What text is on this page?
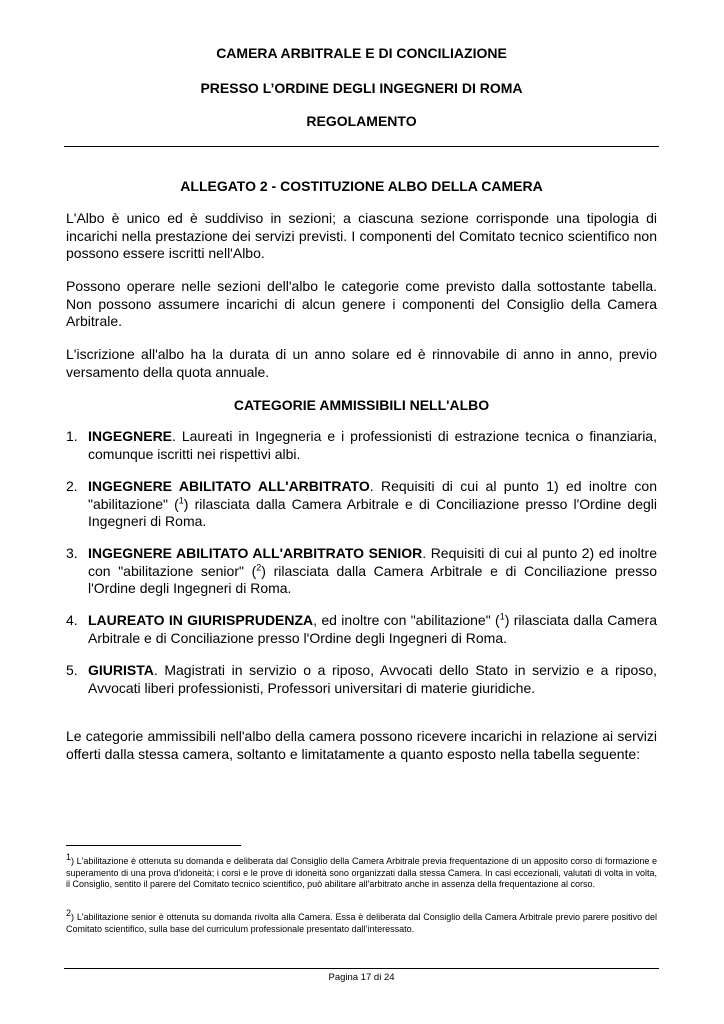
CAMERA ARBITRALE E DI CONCILIAZIONE
PRESSO L’ORDINE DEGLI INGEGNERI DI ROMA
REGOLAMENTO
ALLEGATO 2 - COSTITUZIONE ALBO DELLA CAMERA
L'Albo è unico ed è suddiviso in sezioni; a ciascuna sezione corrisponde una tipologia di incarichi nella prestazione dei servizi previsti. I componenti del Comitato tecnico scientifico non possono essere iscritti nell'Albo.
Possono operare nelle sezioni dell'albo le categorie come previsto dalla sottostante tabella. Non possono assumere incarichi di alcun genere i componenti del Consiglio della Camera Arbitrale.
L'iscrizione all'albo ha la durata di un anno solare ed è rinnovabile di anno in anno, previo versamento della quota annuale.
CATEGORIE AMMISSIBILI NELL'ALBO
1. INGEGNERE. Laureati in Ingegneria e i professionisti di estrazione tecnica o finanziaria, comunque iscritti nei rispettivi albi.
2. INGEGNERE ABILITATO ALL'ARBITRATO. Requisiti di cui al punto 1) ed inoltre con "abilitazione" ($^1$) rilasciata dalla Camera Arbitrale e di Conciliazione presso l'Ordine degli Ingegneri di Roma.
3. INGEGNERE ABILITATO ALL'ARBITRATO SENIOR. Requisiti di cui al punto 2) ed inoltre con "abilitazione senior" ($^2$) rilasciata dalla Camera Arbitrale e di Conciliazione presso l'Ordine degli Ingegneri di Roma.
4. LAUREATO IN GIURISPRUDENZA, ed inoltre con "abilitazione" ($^1$) rilasciata dalla Camera Arbitrale e di Conciliazione presso l'Ordine degli Ingegneri di Roma.
5. GIURISTA. Magistrati in servizio o a riposo, Avvocati dello Stato in servizio e a riposo, Avvocati liberi professionisti, Professori universitari di materie giuridiche.
Le categorie ammissibili nell'albo della camera possono ricevere incarichi in relazione ai servizi offerti dalla stessa camera, soltanto e limitatamente a quanto esposto nella tabella seguente:
$^1$) L'abilitazione è ottenuta su domanda e deliberata dal Consiglio della Camera Arbitrale previa frequentazione di un apposito corso di formazione e superamento di una prova d'idoneità; i corsi e le prove di idoneità sono organizzati dalla stessa Camera. In casi eccezionali, valutati di volta in volta, il Consiglio, sentito il parere del Comitato tecnico scientifico, può abilitare all'arbitrato anche in assenza della frequentazione al corso.
$^2$) L'abilitazione senior è ottenuta su domanda rivolta alla Camera. Essa è deliberata dal Consiglio della Camera Arbitrale previo parere positivo del Comitato scientifico, sulla base del curriculum professionale presentato dall’interessato.
Pagina 17 di 24
